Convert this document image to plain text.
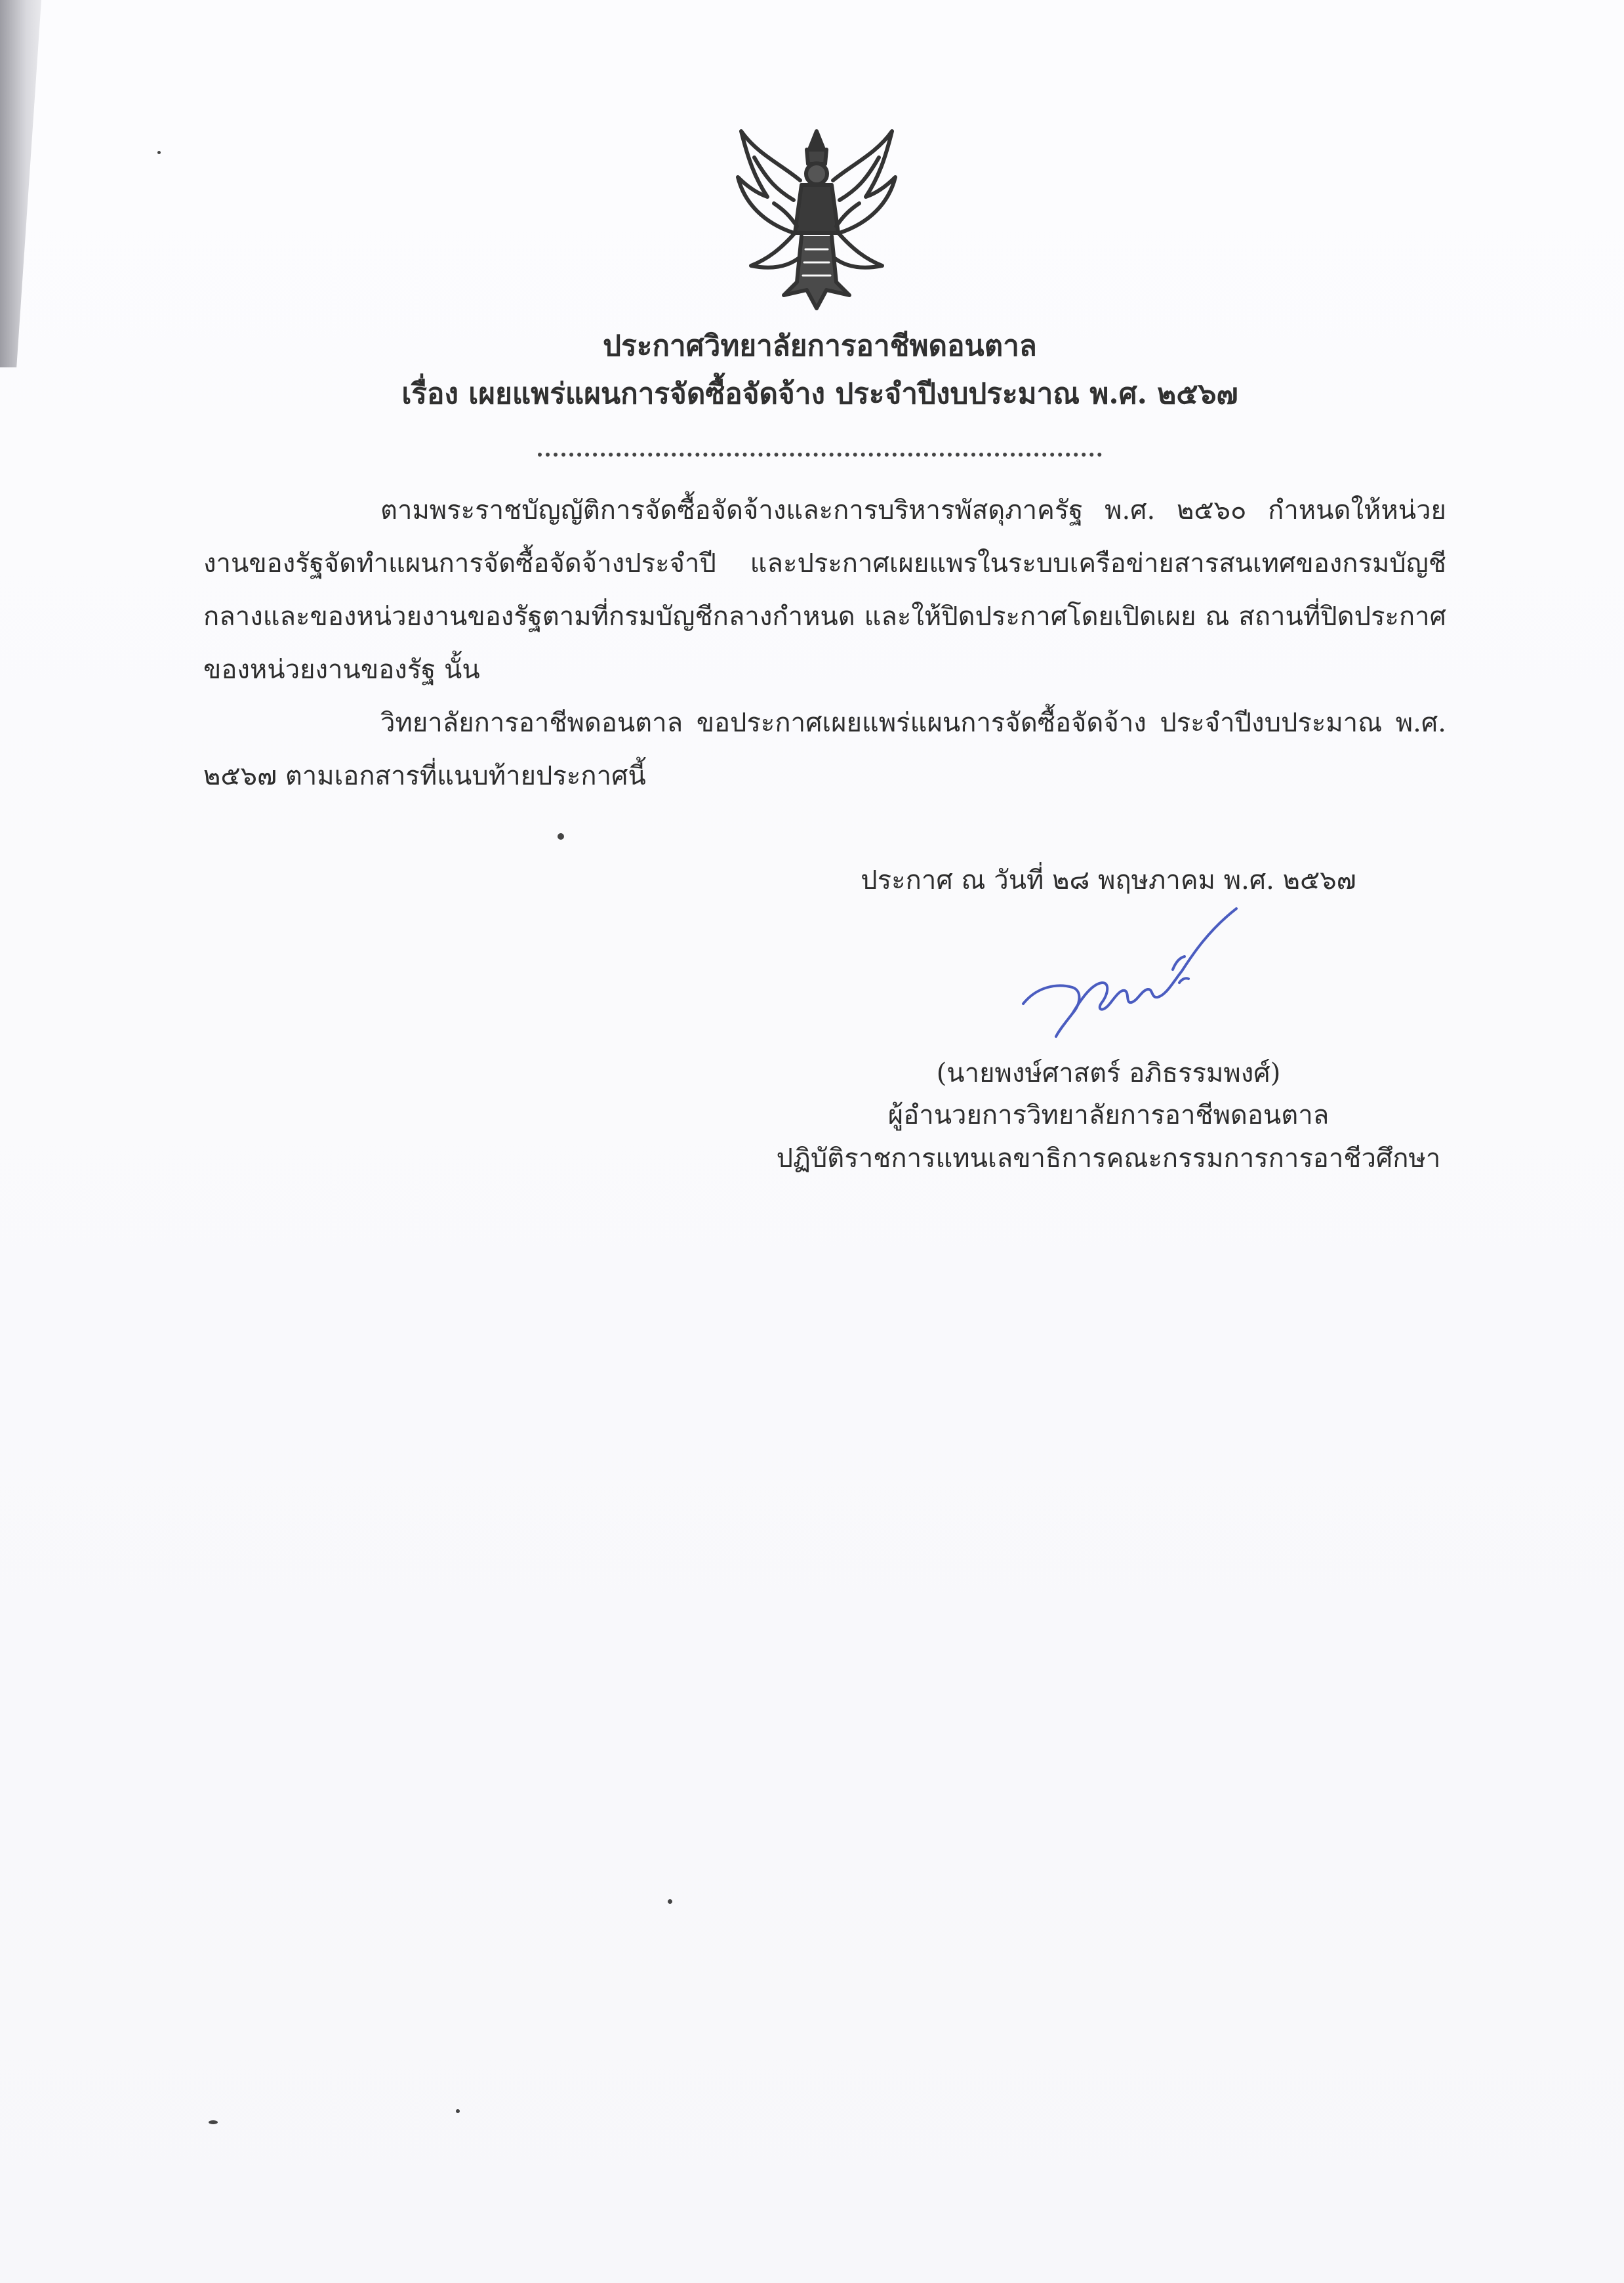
ประกาศวิทยาลัยการอาชีพดอนตาล
เรื่อง เผยแพร่แผนการจัดซื้อจัดจ้าง ประจำปีงบประมาณ พ.ศ. ๒๕๖๗
ตามพระราชบัญญัติการจัดซื้อจัดจ้างและการบริหารพัสดุภาครัฐ พ.ศ. ๒๕๖๐ กำหนดให้หน่วยงานของรัฐจัดทำแผนการจัดซื้อจัดจ้างประจำปี และประกาศเผยแพรในระบบเครือข่ายสารสนเทศของกรมบัญชีกลางและของหน่วยงานของรัฐตามที่กรมบัญชีกลางกำหนด และให้ปิดประกาศโดยเปิดเผย ณ สถานที่ปิดประกาศของหน่วยงานของรัฐ นั้น
วิทยาลัยการอาชีพดอนตาล ขอประกาศเผยแพร่แผนการจัดซื้อจัดจ้าง ประจำปีงบประมาณ พ.ศ. ๒๕๖๗ ตามเอกสารที่แนบท้ายประกาศนี้
ประกาศ ณ วันที่ ๒๘ พฤษภาคม พ.ศ. ๒๕๖๗
(นายพงษ์ศาสตร์ อภิธรรมพงศ์)
ผู้อำนวยการวิทยาลัยการอาชีพดอนตาล
ปฏิบัติราชการแทนเลขาธิการคณะกรรมการการอาชีวศึกษา
